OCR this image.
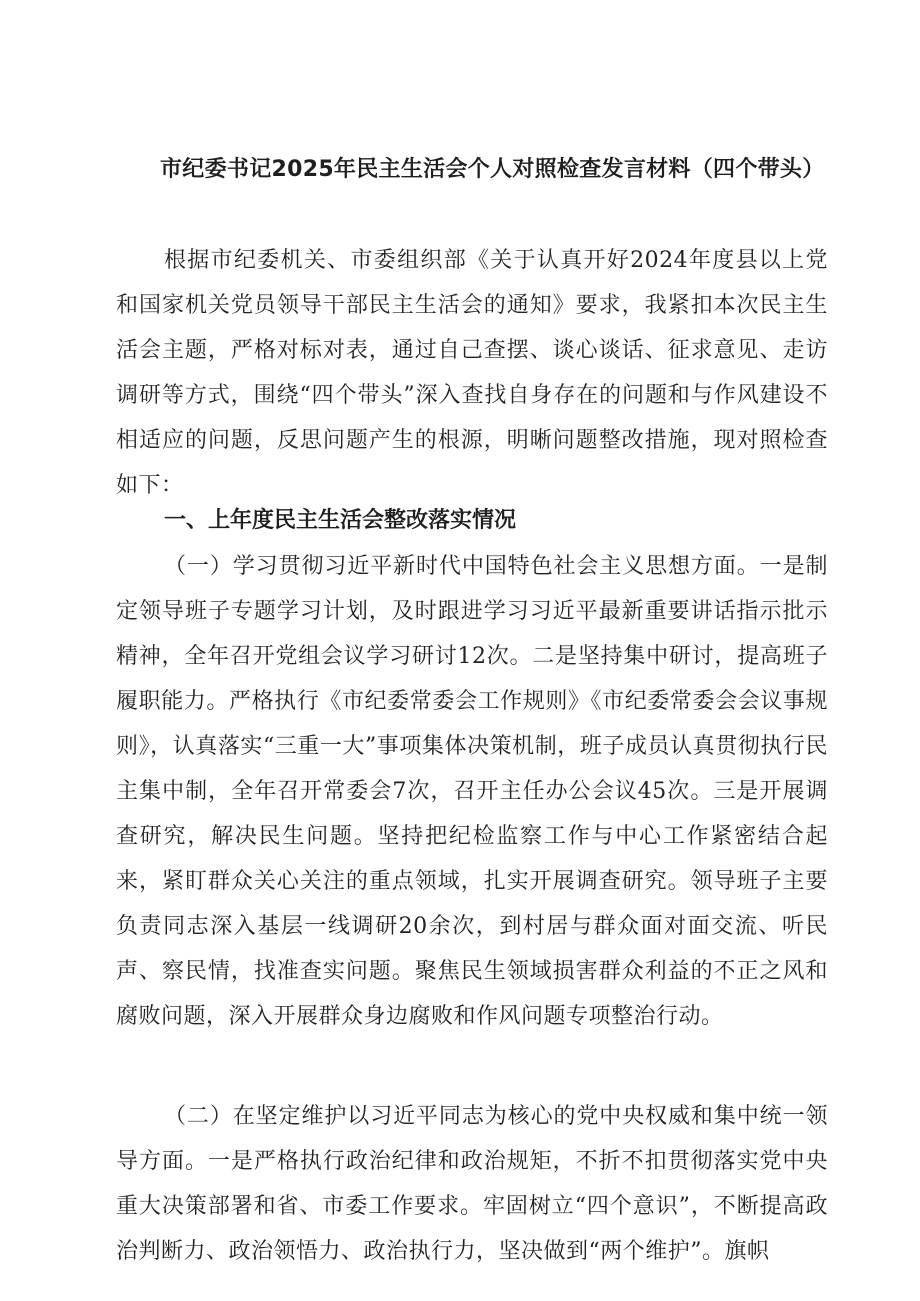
市纪委书记2025年民主生活会个人对照检查发言材料（四个带头）

根据市纪委机关、市委组织部《关于认真开好2024年度县以上党和国家机关党员领导干部民主生活会的通知》要求，我紧扣本次民主生活会主题，严格对标对表，通过自己查摆、谈心谈话、征求意见、走访调研等方式，围绕“四个带头”深入查找自身存在的问题和与作风建设不相适应的问题，反思问题产生的根源，明晰问题整改措施，现对照检查如下：

一、上年度民主生活会整改落实情况

（一）学习贯彻习近平新时代中国特色社会主义思想方面。一是制定领导班子专题学习计划，及时跟进学习习近平最新重要讲话指示批示精神，全年召开党组会议学习研讨12次。二是坚持集中研讨，提高班子履职能力。严格执行《市纪委常委会工作规则》《市纪委常委会会议事规则》，认真落实“三重一大”事项集体决策机制，班子成员认真贯彻执行民主集中制，全年召开常委会7次，召开主任办公会议45次。三是开展调查研究，解决民生问题。坚持把纪检监察工作与中心工作紧密结合起来，紧盯群众关心关注的重点领域，扎实开展调查研究。领导班子主要负责同志深入基层一线调研20余次，到村居与群众面对面交流、听民声、察民情，找准查实问题。聚焦民生领域损害群众利益的不正之风和腐败问题，深入开展群众身边腐败和作风问题专项整治行动。

（二）在坚定维护以习近平同志为核心的党中央权威和集中统一领导方面。一是严格执行政治纪律和政治规矩，不折不扣贯彻落实党中央重大决策部署和省、市委工作要求。牢固树立“四个意识”，不断提高政治判断力、政治领悟力、政治执行力，坚决做到“两个维护”。旗帜
